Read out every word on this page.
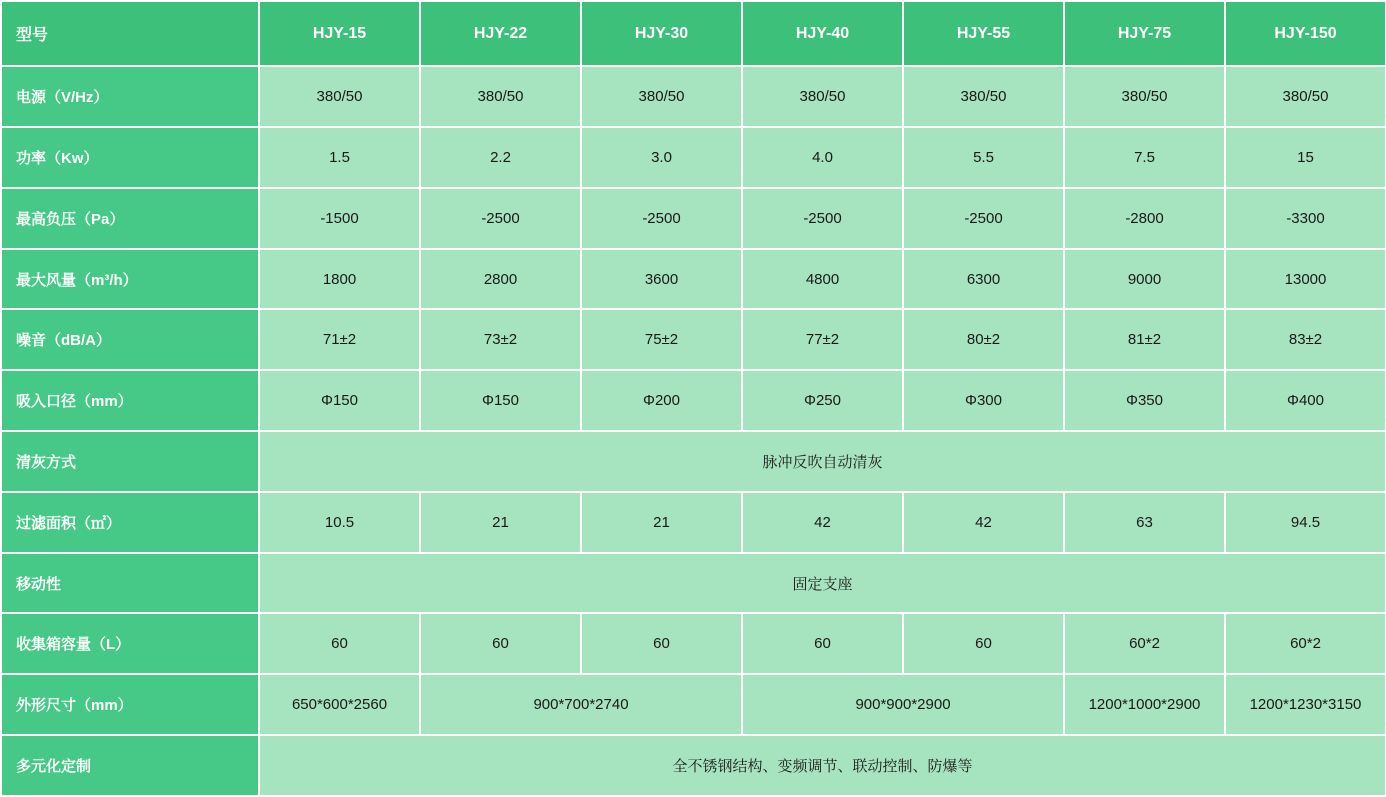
型号	HJY-15	HJY-22	HJY-30	HJY-40	HJY-55	HJY-75	HJY-150
电源（V/Hz）	380/50	380/50	380/50	380/50	380/50	380/50	380/50
功率（Kw）	1.5	2.2	3.0	4.0	5.5	7.5	15
最高负压（Pa）	-1500	-2500	-2500	-2500	-2500	-2800	-3300
最大风量（m³/h）	1800	2800	3600	4800	6300	9000	13000
噪音（dB/A）	71±2	73±2	75±2	77±2	80±2	81±2	83±2
吸入口径（mm）	Φ150	Φ150	Φ200	Φ250	Φ300	Φ350	Φ400
清灰方式	脉冲反吹自动清灰						
过滤面积（㎡）	10.5	21	21	42	42	63	94.5
移动性	固定支座						
收集箱容量（L）	60	60	60	60	60	60*2	60*2
外形尺寸（mm）	650*600*2560	900*700*2740		900*900*2900		1200*1000*2900	1200*1230*3150
多元化定制	全不锈钢结构、变频调节、联动控制、防爆等						
